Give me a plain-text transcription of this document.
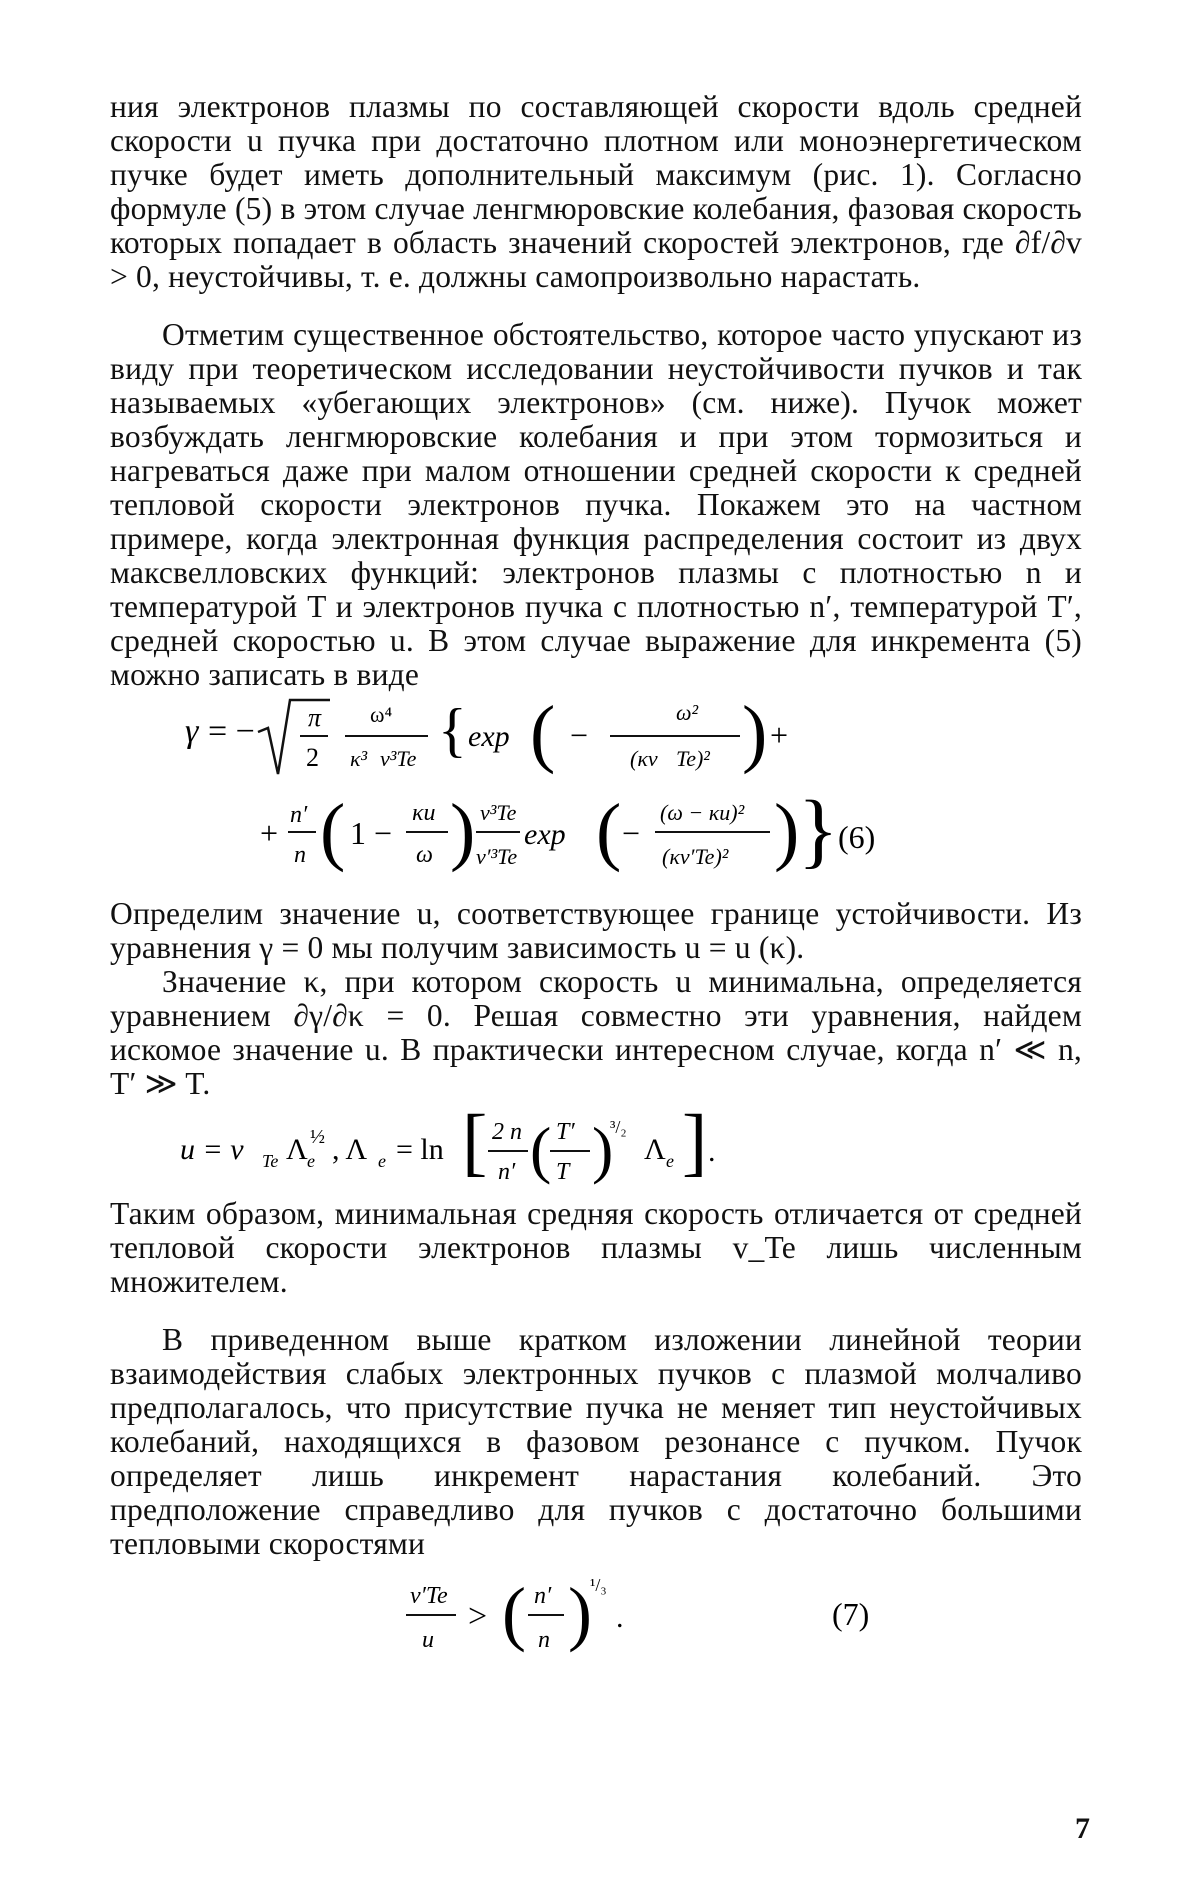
ния электронов плазмы по составляющей скорости вдоль средней скорости u пучка при достаточно плотном или моноэнергетическом пучке будет иметь дополнительный максимум (рис. 1). Согласно формуле (5) в этом случае ленгмюровские колебания, фазовая скорость которых попадает в область значений скоростей электронов, где ∂f/∂v > 0, неустойчивы, т. е. должны самопроизвольно нарастать.

Отметим существенное обстоятельство, которое часто упускают из виду при теоретическом исследовании неустойчивости пучков и так называемых «убегающих электронов» (см. ниже). Пучок может возбуждать ленгмюровские колебания и при этом тормозиться и нагреваться даже при малом отношении средней скорости к средней тепловой скорости электронов пучка. Покажем это на частном примере, когда электронная функция распределения состоит из двух максвелловских функций: электронов плазмы с плотностью n и температурой T и электронов пучка с плотностью n′, температурой T′, средней скоростью u. В этом случае выражение для инкремента (5) можно записать в виде

γ = − π
2
ω⁴
κ³ v³Te { exp ( −
ω²
(κv Te)² ) +
+ n′
n ( 1 −
κu
ω ) v³Te
v′³Te
exp ( −
(ω − κu)²
(κv′Te)² )
} (6)

Определим значение u, соответствующее границе устойчивости. Из уравнения γ = 0 мы получим зависимость u = u (κ).

Значение κ, при котором скорость u минимальна, определяется уравнением ∂γ/∂κ = 0. Решая совместно эти уравнения, найдем искомое значение u. В практически интересном случае, когда n′ ≪ n, T′ ≫ T.

u = v Te Λ e
½ , Λ e = ln [ 2 n
n′ ( T′
T )
³/₂
Λ e ] .

Таким образом, минимальная средняя скорость отличается от средней тепловой скорости электронов плазмы v_Te лишь численным множителем.

В приведенном выше кратком изложении линейной теории взаимодействия слабых электронных пучков с плазмой молчаливо предполагалось, что присутствие пучка не меняет тип неустойчивых колебаний, находящихся в фазовом резонансе с пучком. Пучок определяет лишь инкремент нарастания колебаний. Это предположение справедливо для пучков с достаточно большими тепловыми скоростями

v′Te
u
> ( n′
n )
¹/₃
.	(7)
7
